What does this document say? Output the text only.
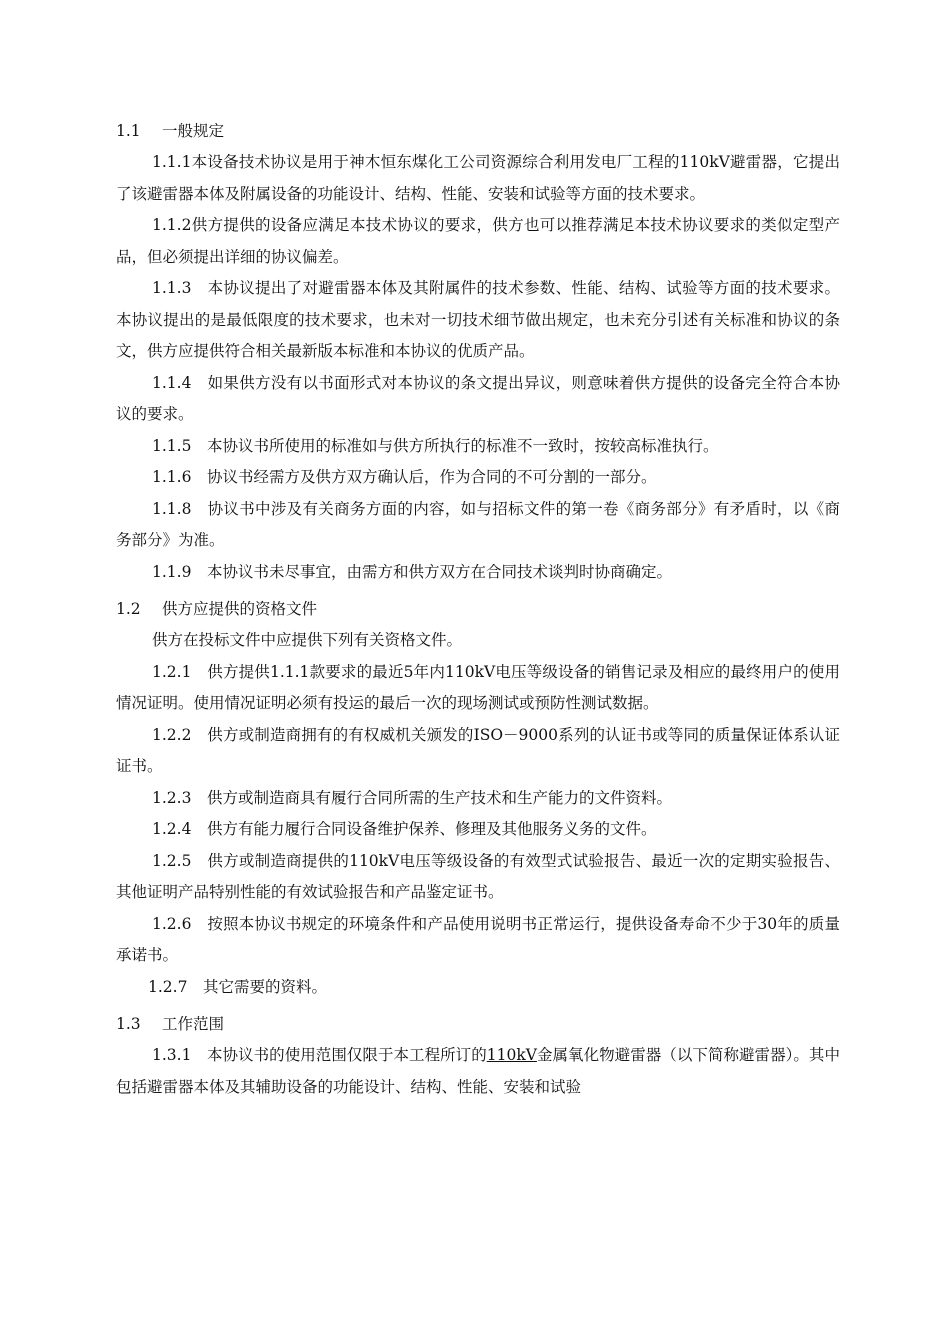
1.1 一般规定

1.1.1本设备技术协议是用于神木恒东煤化工公司资源综合利用发电厂工程的110kV避雷器，它提出了该避雷器本体及附属设备的功能设计、结构、性能、安装和试验等方面的技术要求。

1.1.2供方提供的设备应满足本技术协议的要求，供方也可以推荐满足本技术协议要求的类似定型产品，但必须提出详细的协议偏差。

1.1.3　本协议提出了对避雷器本体及其附属件的技术参数、性能、结构、试验等方面的技术要求。本协议提出的是最低限度的技术要求，也未对一切技术细节做出规定，也未充分引述有关标准和协议的条文，供方应提供符合相关最新版本标准和本协议的优质产品。

1.1.4　如果供方没有以书面形式对本协议的条文提出异议，则意味着供方提供的设备完全符合本协议的要求。

1.1.5　本协议书所使用的标准如与供方所执行的标准不一致时，按较高标准执行。

1.1.6　协议书经需方及供方双方确认后，作为合同的不可分割的一部分。

1.1.8　协议书中涉及有关商务方面的内容，如与招标文件的第一卷《商务部分》有矛盾时，以《商务部分》为准。

1.1.9　本协议书未尽事宜，由需方和供方双方在合同技术谈判时协商确定。

1.2 供方应提供的资格文件

供方在投标文件中应提供下列有关资格文件。

1.2.1　供方提供1.1.1款要求的最近5年内110kV电压等级设备的销售记录及相应的最终用户的使用情况证明。使用情况证明必须有投运的最后一次的现场测试或预防性测试数据。

1.2.2　供方或制造商拥有的有权威机关颁发的ISO－9000系列的认证书或等同的质量保证体系认证证书。

1.2.3　供方或制造商具有履行合同所需的生产技术和生产能力的文件资料。

1.2.4　供方有能力履行合同设备维护保养、修理及其他服务义务的文件。

1.2.5　供方或制造商提供的110kV电压等级设备的有效型式试验报告、最近一次的定期实验报告、其他证明产品特别性能的有效试验报告和产品鉴定证书。

1.2.6　按照本协议书规定的环境条件和产品使用说明书正常运行，提供设备寿命不少于30年的质量承诺书。

1.2.7　其它需要的资料。

1.3 工作范围

1.3.1　本协议书的使用范围仅限于本工程所订的110kV金属氧化物避雷器（以下简称避雷器）。其中包括避雷器本体及其辅助设备的功能设计、结构、性能、安装和试验
